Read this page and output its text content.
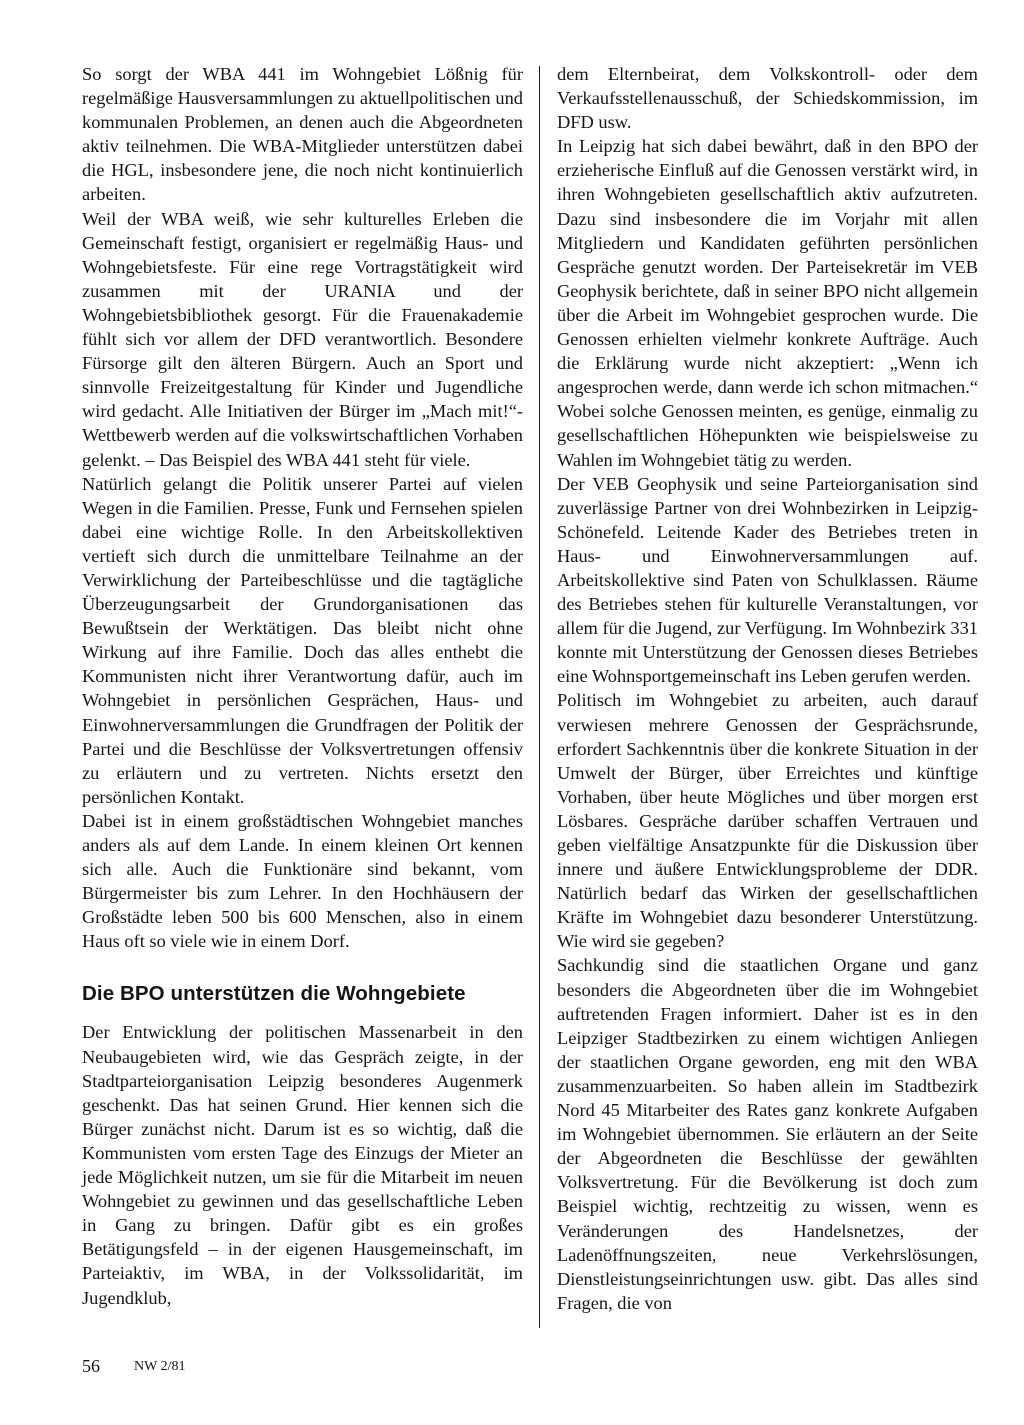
So sorgt der WBA 441 im Wohngebiet Lößnig für regelmäßige Hausversammlungen zu aktuellpolitischen und kommunalen Problemen, an denen auch die Abgeordneten aktiv teilnehmen. Die WBA-Mitglieder unterstützen dabei die HGL, insbesondere jene, die noch nicht kontinuierlich arbeiten.

Weil der WBA weiß, wie sehr kulturelles Erleben die Gemeinschaft festigt, organisiert er regelmäßig Haus- und Wohngebietsfeste. Für eine rege Vortragstätigkeit wird zusammen mit der URANIA und der Wohngebietsbibliothek gesorgt. Für die Frauenakademie fühlt sich vor allem der DFD verantwortlich. Besondere Fürsorge gilt den älteren Bürgern. Auch an Sport und sinnvolle Freizeitgestaltung für Kinder und Jugendliche wird gedacht. Alle Initiativen der Bürger im „Mach mit!“-Wettbewerb werden auf die volkswirtschaftlichen Vorhaben gelenkt. – Das Beispiel des WBA 441 steht für viele.

Natürlich gelangt die Politik unserer Partei auf vielen Wegen in die Familien. Presse, Funk und Fernsehen spielen dabei eine wichtige Rolle. In den Arbeitskollektiven vertieft sich durch die unmittelbare Teilnahme an der Verwirklichung der Parteibeschlüsse und die tagtägliche Überzeugungsarbeit der Grundorganisationen das Bewußtsein der Werktätigen. Das bleibt nicht ohne Wirkung auf ihre Familie. Doch das alles enthebt die Kommunisten nicht ihrer Verantwortung dafür, auch im Wohngebiet in persönlichen Gesprächen, Haus- und Einwohnerversammlungen die Grundfragen der Politik der Partei und die Beschlüsse der Volksvertretungen offensiv zu erläutern und zu vertreten. Nichts ersetzt den persönlichen Kontakt.

Dabei ist in einem großstädtischen Wohngebiet manches anders als auf dem Lande. In einem kleinen Ort kennen sich alle. Auch die Funktionäre sind bekannt, vom Bürgermeister bis zum Lehrer. In den Hochhäusern der Großstädte leben 500 bis 600 Menschen, also in einem Haus oft so viele wie in einem Dorf.

Die BPO unterstützen die Wohngebiete

Der Entwicklung der politischen Massenarbeit in den Neubaugebieten wird, wie das Gespräch zeigte, in der Stadtparteiorganisation Leipzig besonderes Augenmerk geschenkt. Das hat seinen Grund. Hier kennen sich die Bürger zunächst nicht. Darum ist es so wichtig, daß die Kommunisten vom ersten Tage des Einzugs der Mieter an jede Möglichkeit nutzen, um sie für die Mitarbeit im neuen Wohngebiet zu gewinnen und das gesellschaftliche Leben in Gang zu bringen. Dafür gibt es ein großes Betätigungsfeld – in der eigenen Hausgemeinschaft, im Parteiaktiv, im WBA, in der Volkssolidarität, im Jugendklub,

dem Elternbeirat, dem Volkskontroll- oder dem Verkaufsstellenausschuß, der Schiedskommission, im DFD usw.

In Leipzig hat sich dabei bewährt, daß in den BPO der erzieherische Einfluß auf die Genossen verstärkt wird, in ihren Wohngebieten gesellschaftlich aktiv aufzutreten. Dazu sind insbesondere die im Vorjahr mit allen Mitgliedern und Kandidaten geführten persönlichen Gespräche genutzt worden. Der Parteisekretär im VEB Geophysik berichtete, daß in seiner BPO nicht allgemein über die Arbeit im Wohngebiet gesprochen wurde. Die Genossen erhielten vielmehr konkrete Aufträge. Auch die Erklärung wurde nicht akzeptiert: „Wenn ich angesprochen werde, dann werde ich schon mitmachen.“ Wobei solche Genossen meinten, es genüge, einmalig zu gesellschaftlichen Höhepunkten wie beispielsweise zu Wahlen im Wohngebiet tätig zu werden.

Der VEB Geophysik und seine Parteiorganisation sind zuverlässige Partner von drei Wohnbezirken in Leipzig-Schönefeld. Leitende Kader des Betriebes treten in Haus- und Einwohnerversammlungen auf. Arbeitskollektive sind Paten von Schulklassen. Räume des Betriebes stehen für kulturelle Veranstaltungen, vor allem für die Jugend, zur Verfügung. Im Wohnbezirk 331 konnte mit Unterstützung der Genossen dieses Betriebes eine Wohnsportgemeinschaft ins Leben gerufen werden.

Politisch im Wohngebiet zu arbeiten, auch darauf verwiesen mehrere Genossen der Gesprächsrunde, erfordert Sachkenntnis über die konkrete Situation in der Umwelt der Bürger, über Erreichtes und künftige Vorhaben, über heute Mögliches und über morgen erst Lösbares. Gespräche darüber schaffen Vertrauen und geben vielfältige Ansatzpunkte für die Diskussion über innere und äußere Entwicklungsprobleme der DDR. Natürlich bedarf das Wirken der gesellschaftlichen Kräfte im Wohngebiet dazu besonderer Unterstützung. Wie wird sie gegeben?

Sachkundig sind die staatlichen Organe und ganz besonders die Abgeordneten über die im Wohngebiet auftretenden Fragen informiert. Daher ist es in den Leipziger Stadtbezirken zu einem wichtigen Anliegen der staatlichen Organe geworden, eng mit den WBA zusammenzuarbeiten. So haben allein im Stadtbezirk Nord 45 Mitarbeiter des Rates ganz konkrete Aufgaben im Wohngebiet übernommen. Sie erläutern an der Seite der Abgeordneten die Beschlüsse der gewählten Volksvertretung. Für die Bevölkerung ist doch zum Beispiel wichtig, rechtzeitig zu wissen, wenn es Veränderungen des Handelsnetzes, der Ladenöffnungszeiten, neue Verkehrslösungen, Dienstleistungseinrichtungen usw. gibt. Das alles sind Fragen, die von

56 NW 2/81
